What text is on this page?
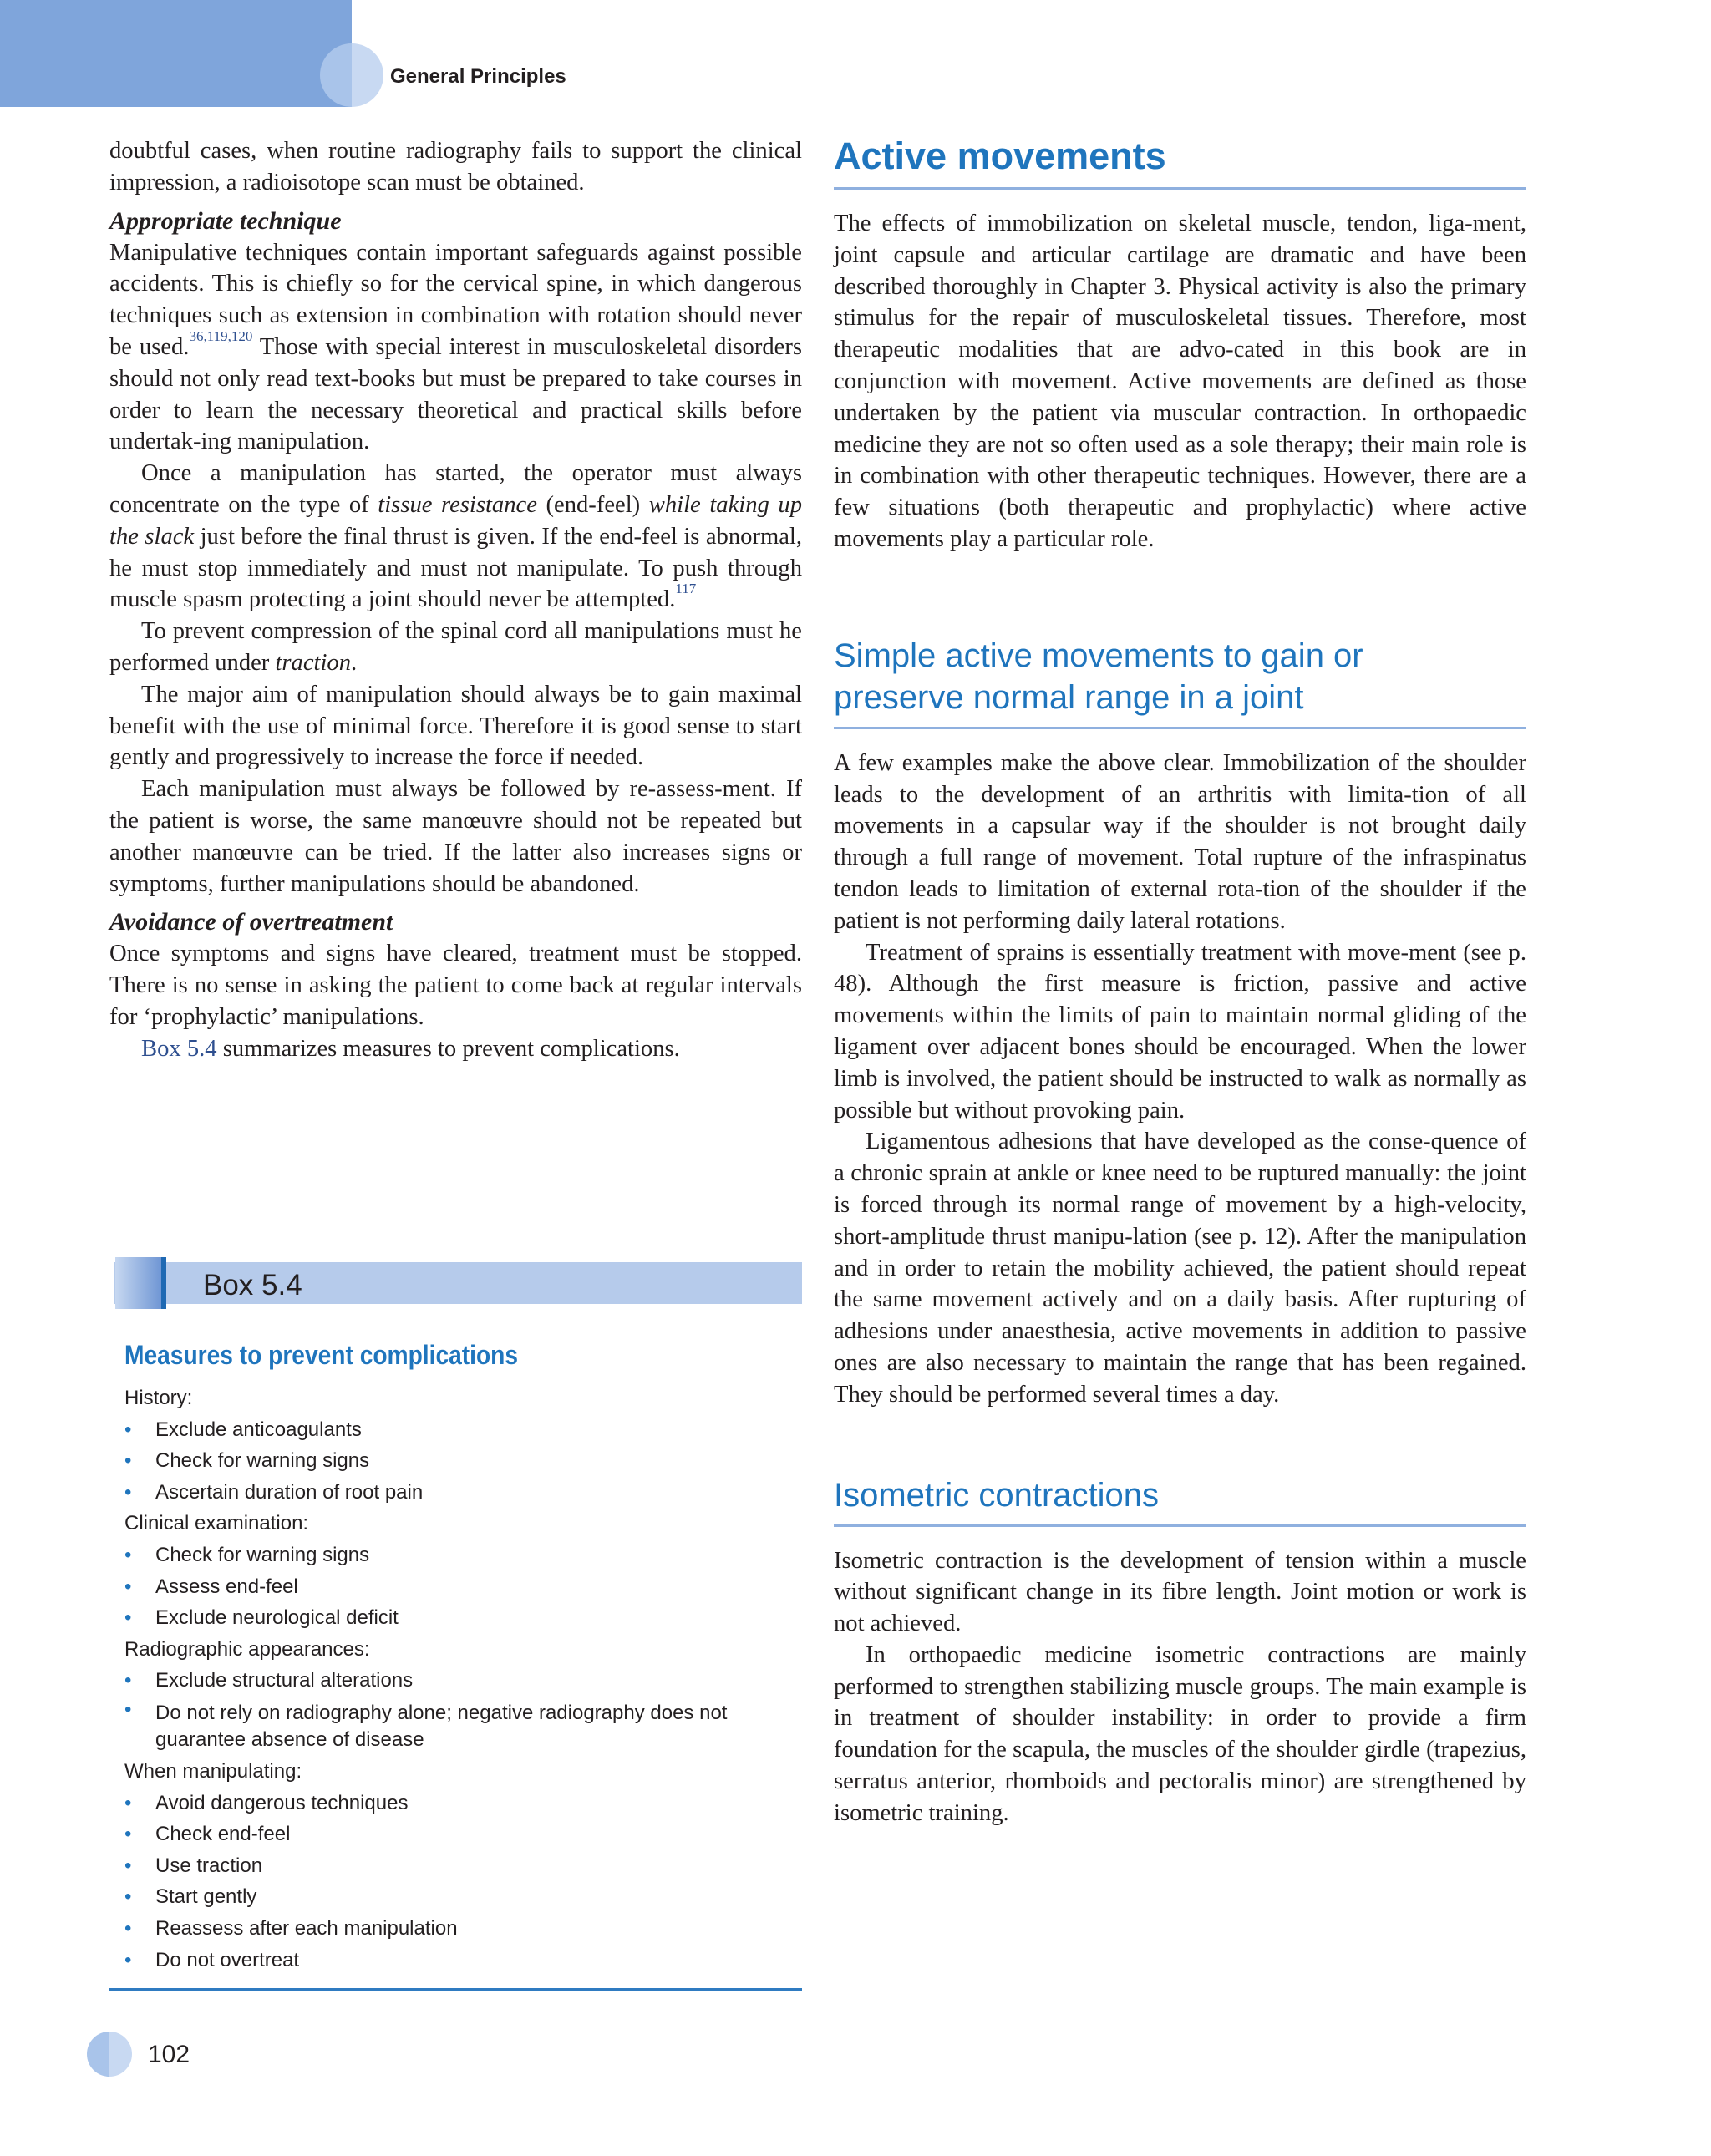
General Principles

doubtful cases, when routine radiography fails to support the clinical impression, a radioisotope scan must be obtained.

Appropriate technique

Manipulative techniques contain important safeguards against possible accidents. This is chiefly so for the cervical spine, in which dangerous techniques such as extension in combination with rotation should never be used.$^{36,119,120}$ Those with special interest in musculoskeletal disorders should not only read text-books but must be prepared to take courses in order to learn the necessary theoretical and practical skills before undertak-ing manipulation.

Once a manipulation has started, the operator must always concentrate on the type of tissue resistance (end-feel) while taking up the slack just before the final thrust is given. If the end-feel is abnormal, he must stop immediately and must not manipulate. To push through muscle spasm protecting a joint should never be attempted.$^{117}$

To prevent compression of the spinal cord all manipulations must he performed under traction.

The major aim of manipulation should always be to gain maximal benefit with the use of minimal force. Therefore it is good sense to start gently and progressively to increase the force if needed.

Each manipulation must always be followed by re-assess-ment. If the patient is worse, the same manœuvre should not be repeated but another manœuvre can be tried. If the latter also increases signs or symptoms, further manipulations should be abandoned.

Avoidance of overtreatment

Once symptoms and signs have cleared, treatment must be stopped. There is no sense in asking the patient to come back at regular intervals for ‘prophylactic’ manipulations.

Box 5.4 summarizes measures to prevent complications.

Box 5.4
Measures to prevent complications
History:
• Exclude anticoagulants
• Check for warning signs
• Ascertain duration of root pain
Clinical examination:
• Check for warning signs
• Assess end-feel
• Exclude neurological deficit
Radiographic appearances:
• Exclude structural alterations
• Do not rely on radiography alone; negative radiography does not guarantee absence of disease
When manipulating:
• Avoid dangerous techniques
• Check end-feel
• Use traction
• Start gently
• Reassess after each manipulation
• Do not overtreat
Active movements

The effects of immobilization on skeletal muscle, tendon, liga-ment, joint capsule and articular cartilage are dramatic and have been described thoroughly in Chapter 3. Physical activity is also the primary stimulus for the repair of musculoskeletal tissues. Therefore, most therapeutic modalities that are advo-cated in this book are in conjunction with movement. Active movements are defined as those undertaken by the patient via muscular contraction. In orthopaedic medicine they are not so often used as a sole therapy; their main role is in combination with other therapeutic techniques. However, there are a few situations (both therapeutic and prophylactic) where active movements play a particular role.

Simple active movements to gain or
preserve normal range in a joint

A few examples make the above clear. Immobilization of the shoulder leads to the development of an arthritis with limita-tion of all movements in a capsular way if the shoulder is not brought daily through a full range of movement. Total rupture of the infraspinatus tendon leads to limitation of external rota-tion of the shoulder if the patient is not performing daily lateral rotations.

Treatment of sprains is essentially treatment with move-ment (see p. 48). Although the first measure is friction, passive and active movements within the limits of pain to maintain normal gliding of the ligament over adjacent bones should be encouraged. When the lower limb is involved, the patient should be instructed to walk as normally as possible but without provoking pain.

Ligamentous adhesions that have developed as the conse-quence of a chronic sprain at ankle or knee need to be ruptured manually: the joint is forced through its normal range of movement by a high-velocity, short-amplitude thrust manipu-lation (see p. 12). After the manipulation and in order to retain the mobility achieved, the patient should repeat the same movement actively and on a daily basis. After rupturing of adhesions under anaesthesia, active movements in addition to passive ones are also necessary to maintain the range that has been regained. They should be performed several times a day.

Isometric contractions

Isometric contraction is the development of tension within a muscle without significant change in its fibre length. Joint motion or work is not achieved.

In orthopaedic medicine isometric contractions are mainly performed to strengthen stabilizing muscle groups. The main example is in treatment of shoulder instability: in order to provide a firm foundation for the scapula, the muscles of the shoulder girdle (trapezius, serratus anterior, rhomboids and pectoralis minor) are strengthened by isometric training.

102
